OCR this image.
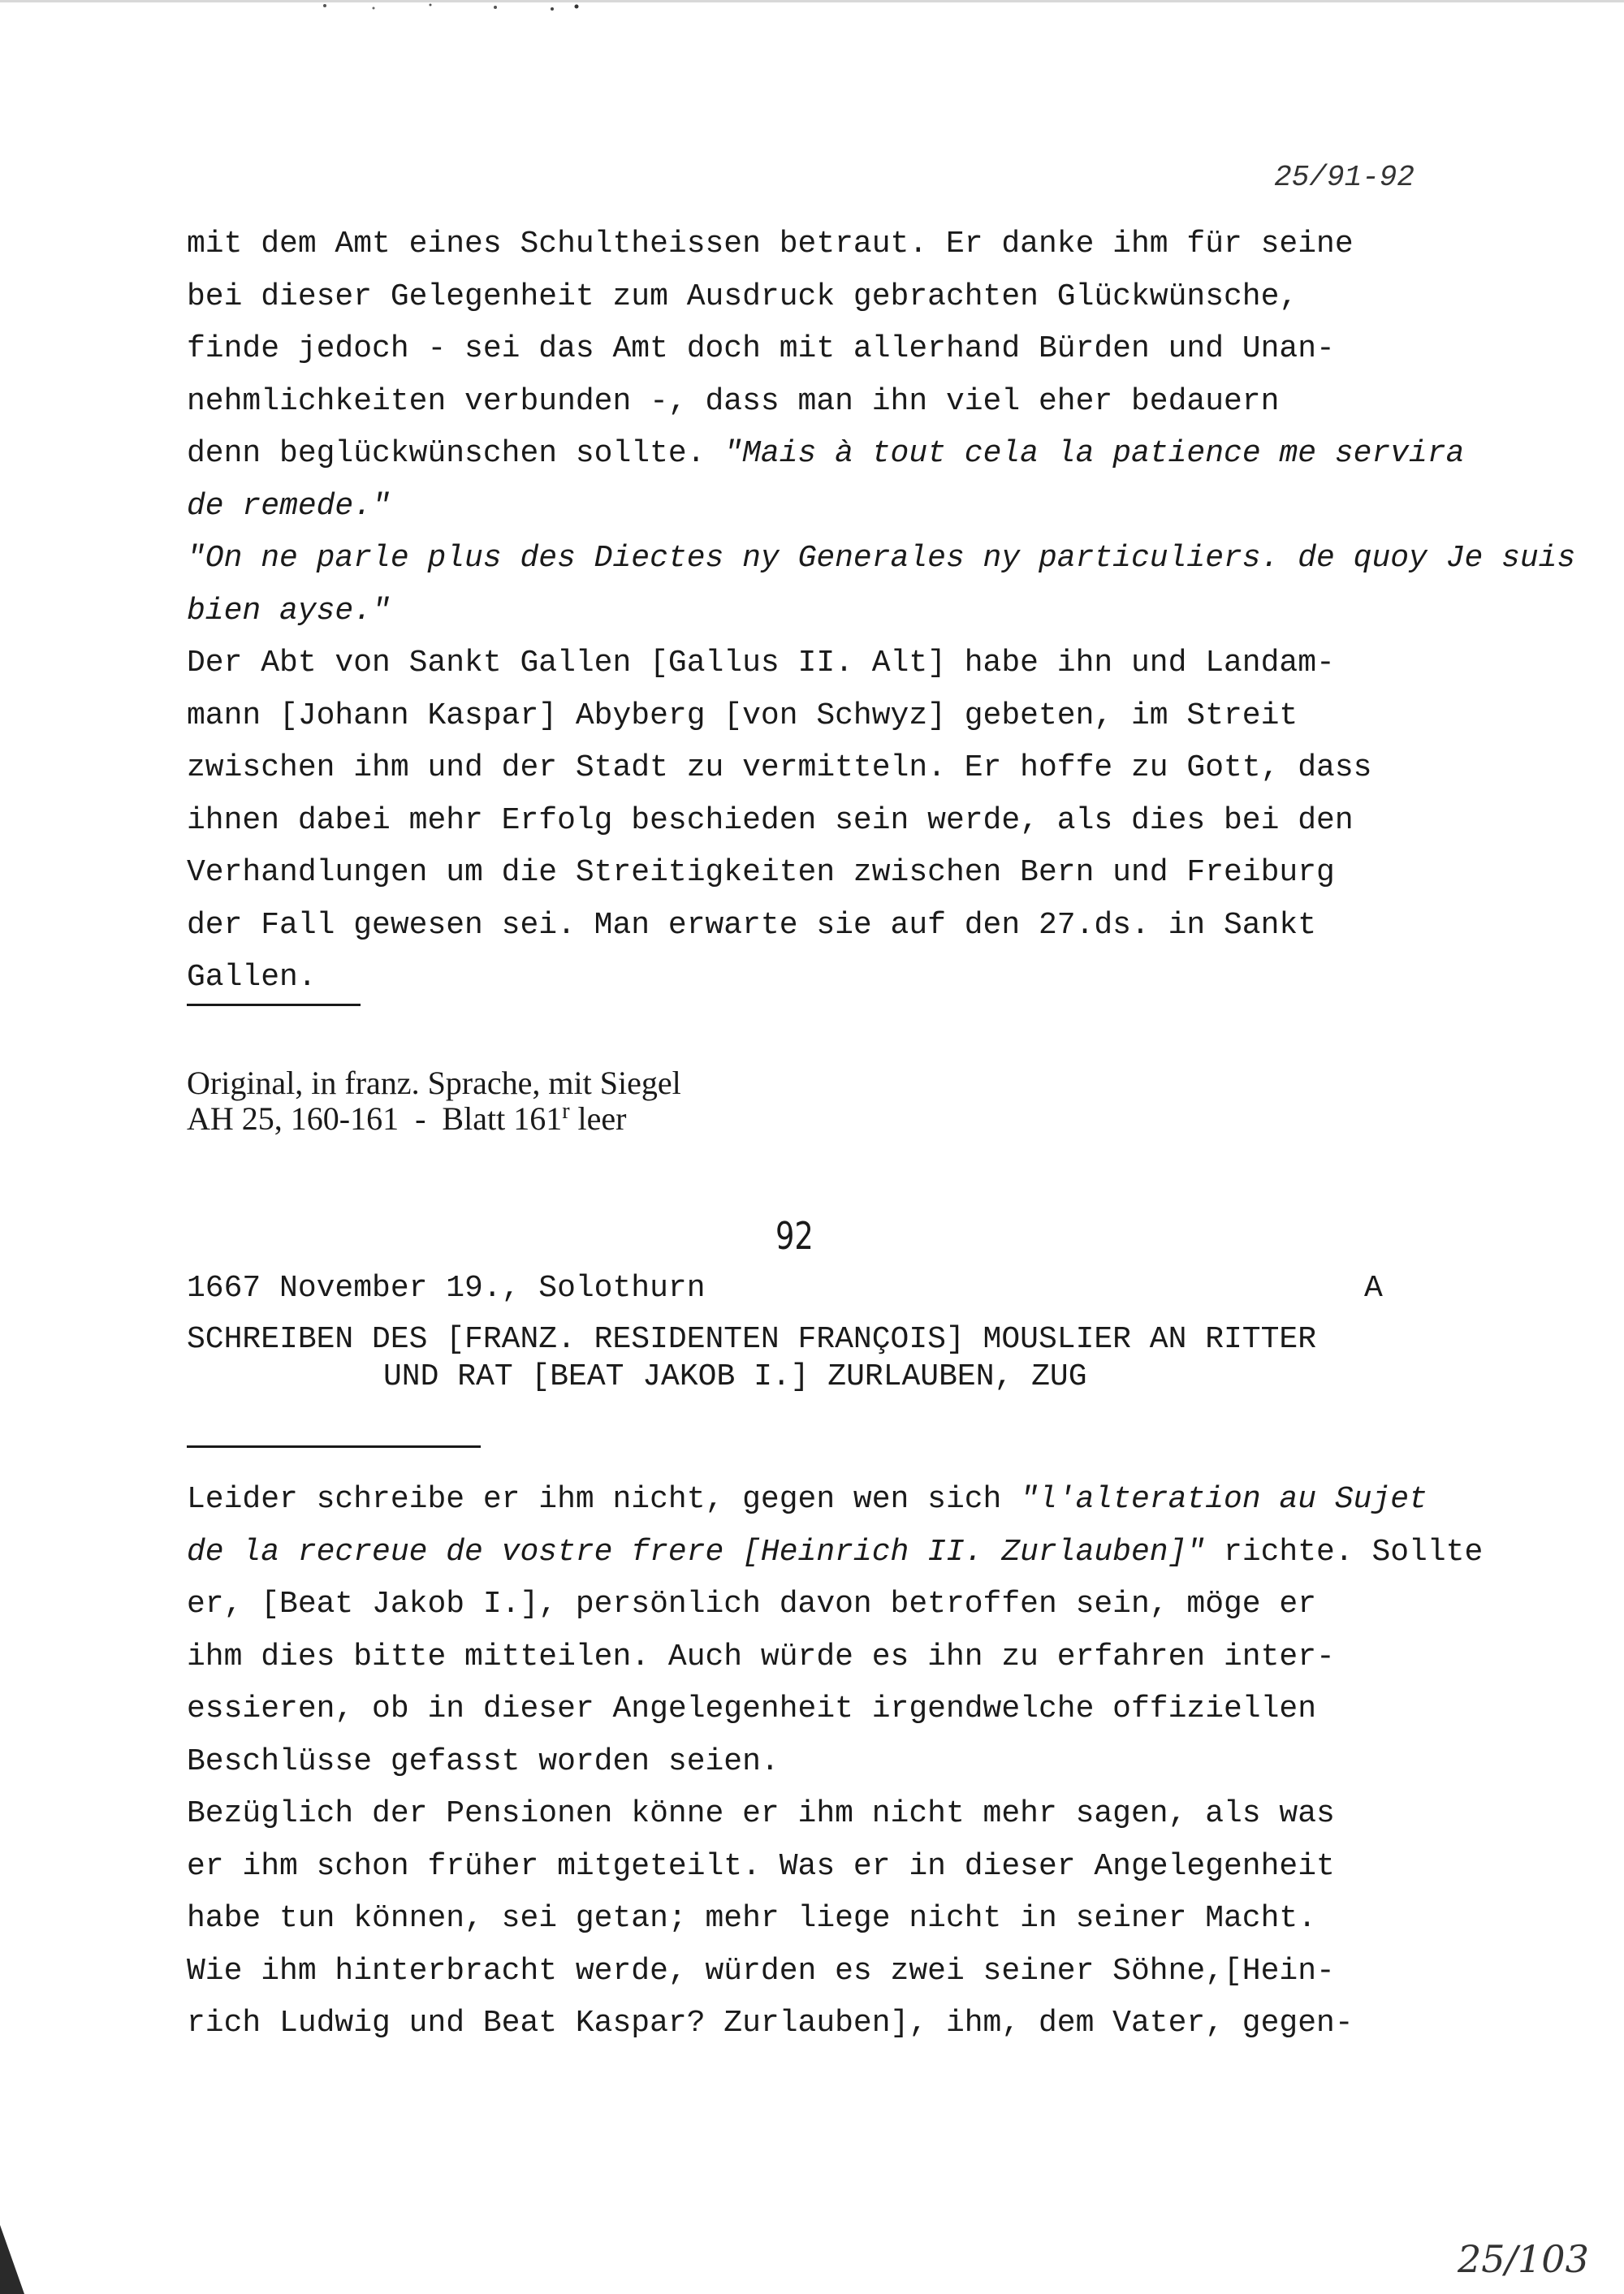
25/91-92
mit dem Amt eines Schultheissen betraut. Er danke ihm für seine
bei dieser Gelegenheit zum Ausdruck gebrachten Glückwünsche,
finde jedoch - sei das Amt doch mit allerhand Bürden und Unan-
nehmlichkeiten verbunden -, dass man ihn viel eher bedauern
denn beglückwünschen sollte. "Mais à tout cela la patience me servira
de remede."
"On ne parle plus des Diectes ny Generales ny particuliers. de quoy Je suis
bien ayse."
Der Abt von Sankt Gallen [Gallus II. Alt] habe ihn und Landam-
mann [Johann Kaspar] Abyberg [von Schwyz] gebeten, im Streit
zwischen ihm und der Stadt zu vermitteln. Er hoffe zu Gott, dass
ihnen dabei mehr Erfolg beschieden sein werde, als dies bei den
Verhandlungen um die Streitigkeiten zwischen Bern und Freiburg
der Fall gewesen sei. Man erwarte sie auf den 27.ds. in Sankt
Gallen.
Original, in franz. Sprache, mit Siegel
AH 25, 160-161  -  Blatt 161$^r$ leer
92
1667 November 19., Solothurn	A
SCHREIBEN DES [FRANZ. RESIDENTEN FRANÇOIS] MOUSLIER AN RITTER
UND RAT [BEAT JAKOB I.] ZURLAUBEN, ZUG
Leider schreibe er ihm nicht, gegen wen sich "l'alteration au Sujet
de la recreue de vostre frere [Heinrich II. Zurlauben]" richte. Sollte
er, [Beat Jakob I.], persönlich davon betroffen sein, möge er
ihm dies bitte mitteilen. Auch würde es ihn zu erfahren inter-
essieren, ob in dieser Angelegenheit irgendwelche offiziellen
Beschlüsse gefasst worden seien.
Bezüglich der Pensionen könne er ihm nicht mehr sagen, als was
er ihm schon früher mitgeteilt. Was er in dieser Angelegenheit
habe tun können, sei getan; mehr liege nicht in seiner Macht.
Wie ihm hinterbracht werde, würden es zwei seiner Söhne,[Hein-
rich Ludwig und Beat Kaspar? Zurlauben], ihm, dem Vater, gegen-
25/103
